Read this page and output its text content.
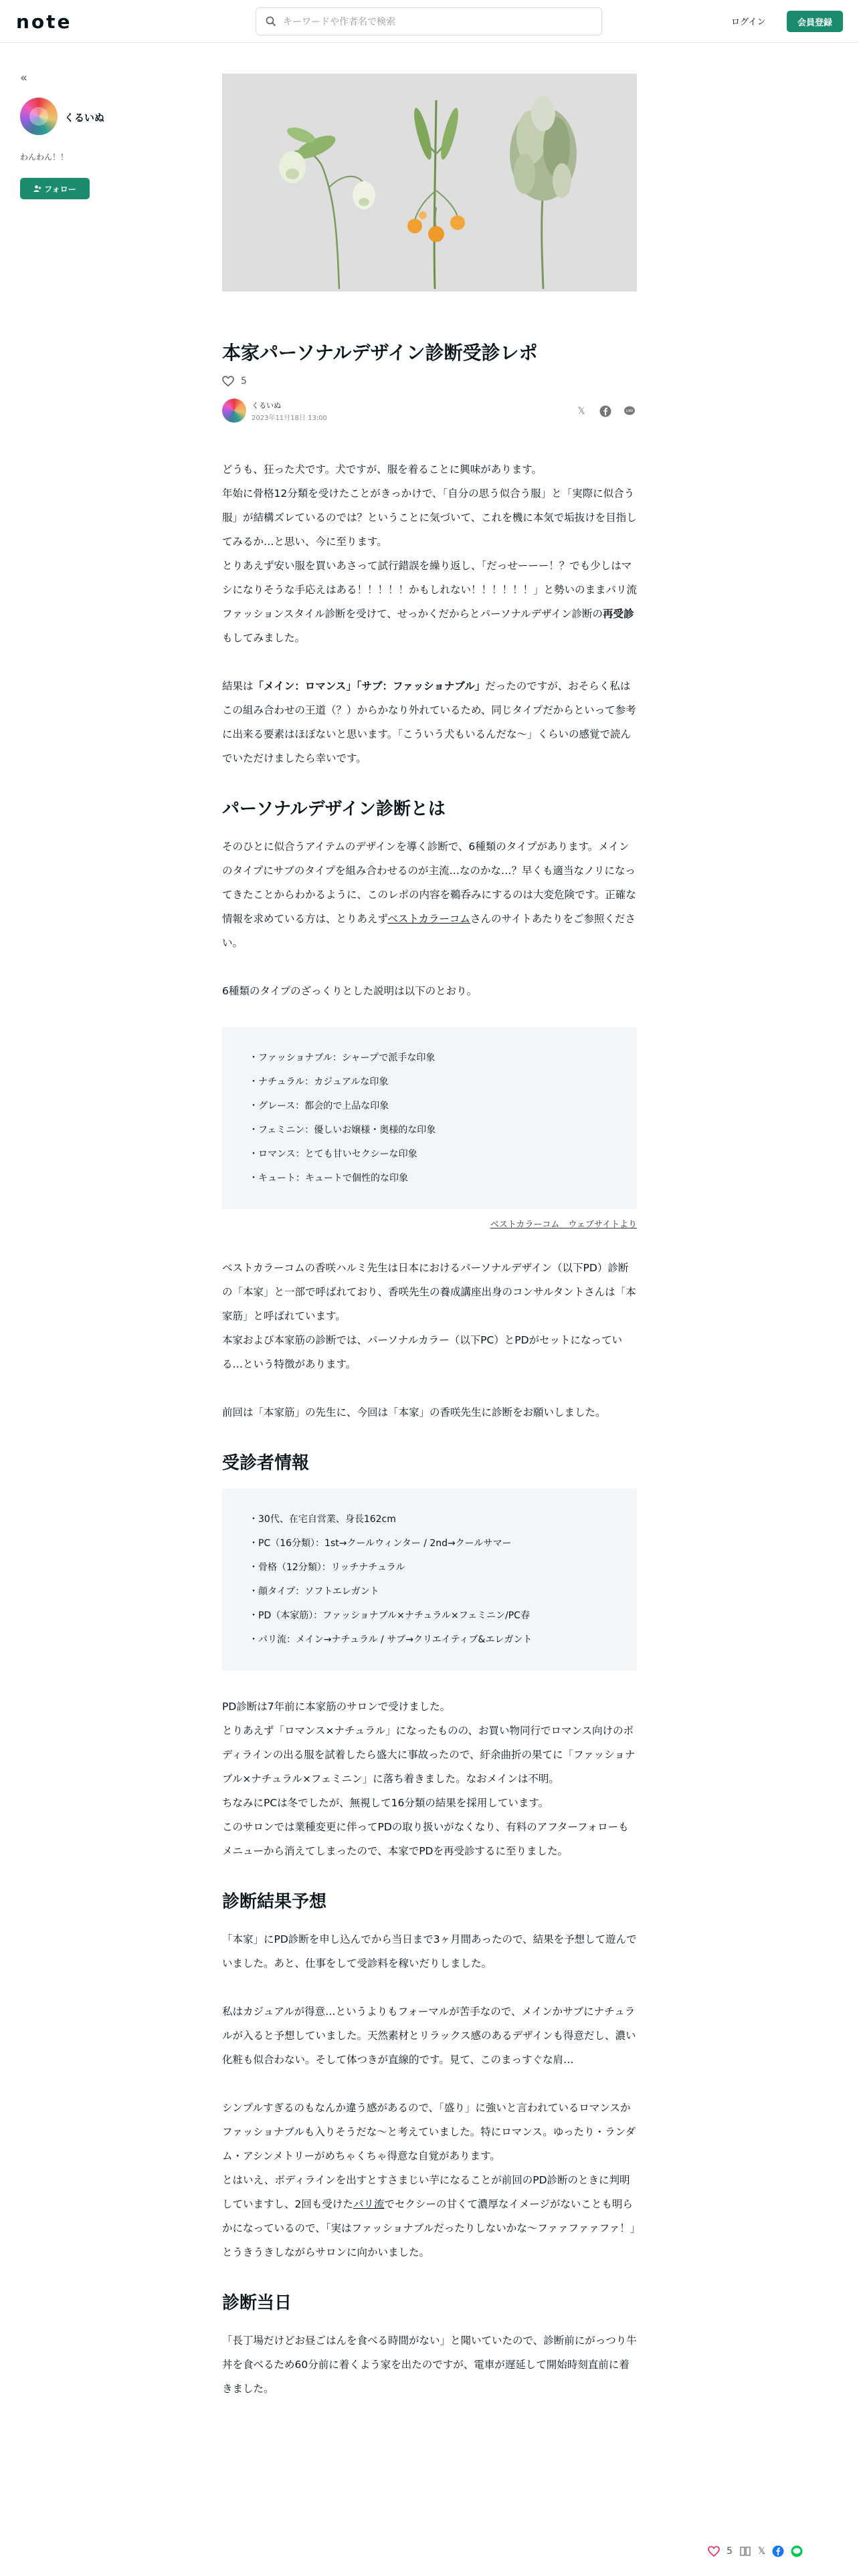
note	キーワードや作者名で検索	ログイン	会員登録
«
くるいぬ
わんわん！！
フォロー
本家パーソナルデザイン診断受診レポ
5
くるいぬ
2023年11月18日 13:00
𝕏	LINE
どうも、狂った犬です。犬ですが、服を着ることに興味があります。
年始に骨格12分類を受けたことがきっかけで、「自分の思う似合う服」と「実際に似合う服」が結構ズレているのでは？ということに気づいて、これを機に本気で垢抜けを目指してみるか…と思い、今に至ります。
とりあえず安い服を買いあさって試行錯誤を繰り返し、「だっせーーー！？でも少しはマシになりそうな手応えはある！！！！！かもしれない！！！！！！」と勢いのままパリ流ファッションスタイル診断を受けて、せっかくだからとパーソナルデザイン診断の再受診もしてみました。
結果は「メイン：ロマンス」「サブ：ファッショナブル」だったのですが、おそらく私はこの組み合わせの王道（？）からかなり外れているため、同じタイプだからといって参考に出来る要素はほぼないと思います。「こういう犬もいるんだな〜」くらいの感覚で読んでいただけましたら幸いです。
パーソナルデザイン診断とは
そのひとに似合うアイテムのデザインを導く診断で、6種類のタイプがあります。メインのタイプにサブのタイプを組み合わせるのが主流…なのかな…？早くも適当なノリになってきたことからわかるように、このレポの内容を鵜呑みにするのは大変危険です。正確な情報を求めている方は、とりあえずベストカラーコムさんのサイトあたりをご参照ください。
6種類のタイプのざっくりとした説明は以下のとおり。
・ファッショナブル：シャープで派手な印象
・ナチュラル：カジュアルな印象
・グレース：都会的で上品な印象
・フェミニン：優しいお嬢様・奥様的な印象
・ロマンス：とても甘いセクシーな印象
・キュート：キュートで個性的な印象
ベストカラーコム　ウェブサイトより
ベストカラーコムの香咲ハルミ先生は日本におけるパーソナルデザイン（以下PD）診断の「本家」と一部で呼ばれており、香咲先生の養成講座出身のコンサルタントさんは「本家筋」と呼ばれています。
本家および本家筋の診断では、パーソナルカラー（以下PC）とPDがセットになっている…という特徴があります。
前回は「本家筋」の先生に、今回は「本家」の香咲先生に診断をお願いしました。
受診者情報
・30代、在宅自営業、身長162cm
・PC（16分類）：1st→クールウィンター / 2nd→クールサマー
・骨格（12分類）：リッチナチュラル
・顔タイプ：ソフトエレガント
・PD（本家筋）：ファッショナブル×ナチュラル×フェミニン/PC春
・パリ流：メイン→ナチュラル / サブ→クリエイティブ&エレガント
PD診断は7年前に本家筋のサロンで受けました。
とりあえず「ロマンス×ナチュラル」になったものの、お買い物同行でロマンス向けのボディラインの出る服を試着したら盛大に事故ったので、紆余曲折の果てに「ファッショナブル×ナチュラル×フェミニン」に落ち着きました。なおメインは不明。
ちなみにPCは冬でしたが、無視して16分類の結果を採用しています。
このサロンでは業種変更に伴ってPDの取り扱いがなくなり、有料のアフターフォローもメニューから消えてしまったので、本家でPDを再受診するに至りました。
診断結果予想
「本家」にPD診断を申し込んでから当日まで3ヶ月間あったので、結果を予想して遊んでいました。あと、仕事をして受診料を稼いだりしました。
私はカジュアルが得意…というよりもフォーマルが苦手なので、メインかサブにナチュラルが入ると予想していました。天然素材とリラックス感のあるデザインも得意だし、濃い化粧も似合わない。そして体つきが直線的です。見て、このまっすぐな肩…
シンプルすぎるのもなんか違う感があるので、「盛り」に強いと言われているロマンスかファッショナブルも入りそうだな〜と考えていました。特にロマンス。ゆったり・ランダム・アシンメトリーがめちゃくちゃ得意な自覚があります。
とはいえ、ボディラインを出すとすさまじい芋になることが前回のPD診断のときに判明していますし、2回も受けたパリ流でセクシーの甘くて濃厚なイメージがないことも明らかになっているので、「実はファッショナブルだったりしないかな〜ファァファァファ！」とうきうきしながらサロンに向かいました。
診断当日
「長丁場だけどお昼ごはんを食べる時間がない」と聞いていたので、診断前にがっつり牛丼を食べるため60分前に着くよう家を出たのですが、電車が遅延して開始時刻直前に着きました。
5	𝕏
